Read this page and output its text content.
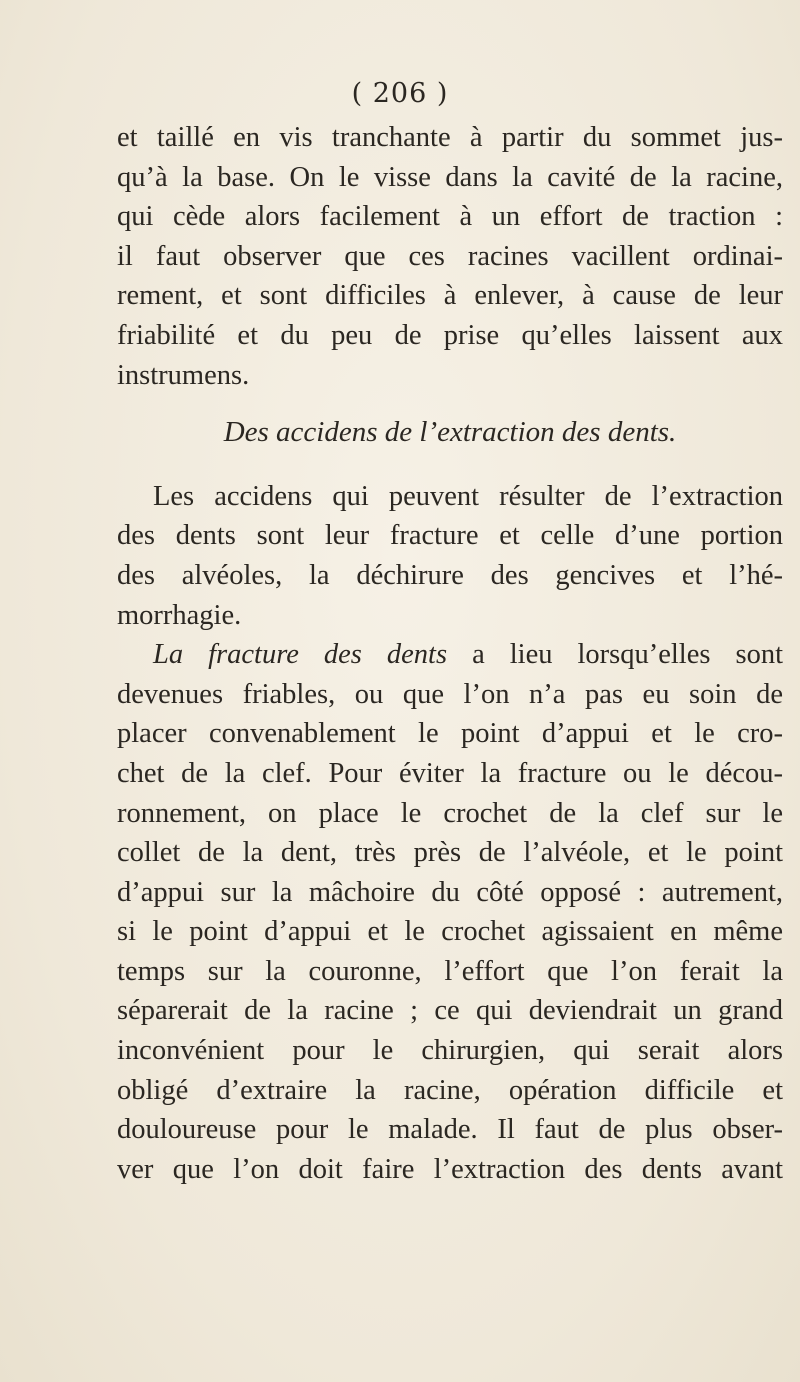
( 206 )
et taillé en vis tranchante à partir du sommet jus-
qu’à la base. On le visse dans la cavité de la racine,
qui cède alors facilement à un effort de traction :
il faut observer que ces racines vacillent ordinai-
rement, et sont difficiles à enlever, à cause de leur
friabilité et du peu de prise qu’elles laissent aux
instrumens.
Des accidens de l’extraction des dents.
Les accidens qui peuvent résulter de l’extraction
des dents sont leur fracture et celle d’une portion
des alvéoles, la déchirure des gencives et l’hé-
morrhagie.
La fracture des dents a lieu lorsqu’elles sont
devenues friables, ou que l’on n’a pas eu soin de
placer convenablement le point d’appui et le cro-
chet de la clef. Pour éviter la fracture ou le décou-
ronnement, on place le crochet de la clef sur le
collet de la dent, très près de l’alvéole, et le point
d’appui sur la mâchoire du côté opposé : autrement,
si le point d’appui et le crochet agissaient en même
temps sur la couronne, l’effort que l’on ferait la
séparerait de la racine ; ce qui deviendrait un grand
inconvénient pour le chirurgien, qui serait alors
obligé d’extraire la racine, opération difficile et
douloureuse pour le malade. Il faut de plus obser-
ver que l’on doit faire l’extraction des dents avant
